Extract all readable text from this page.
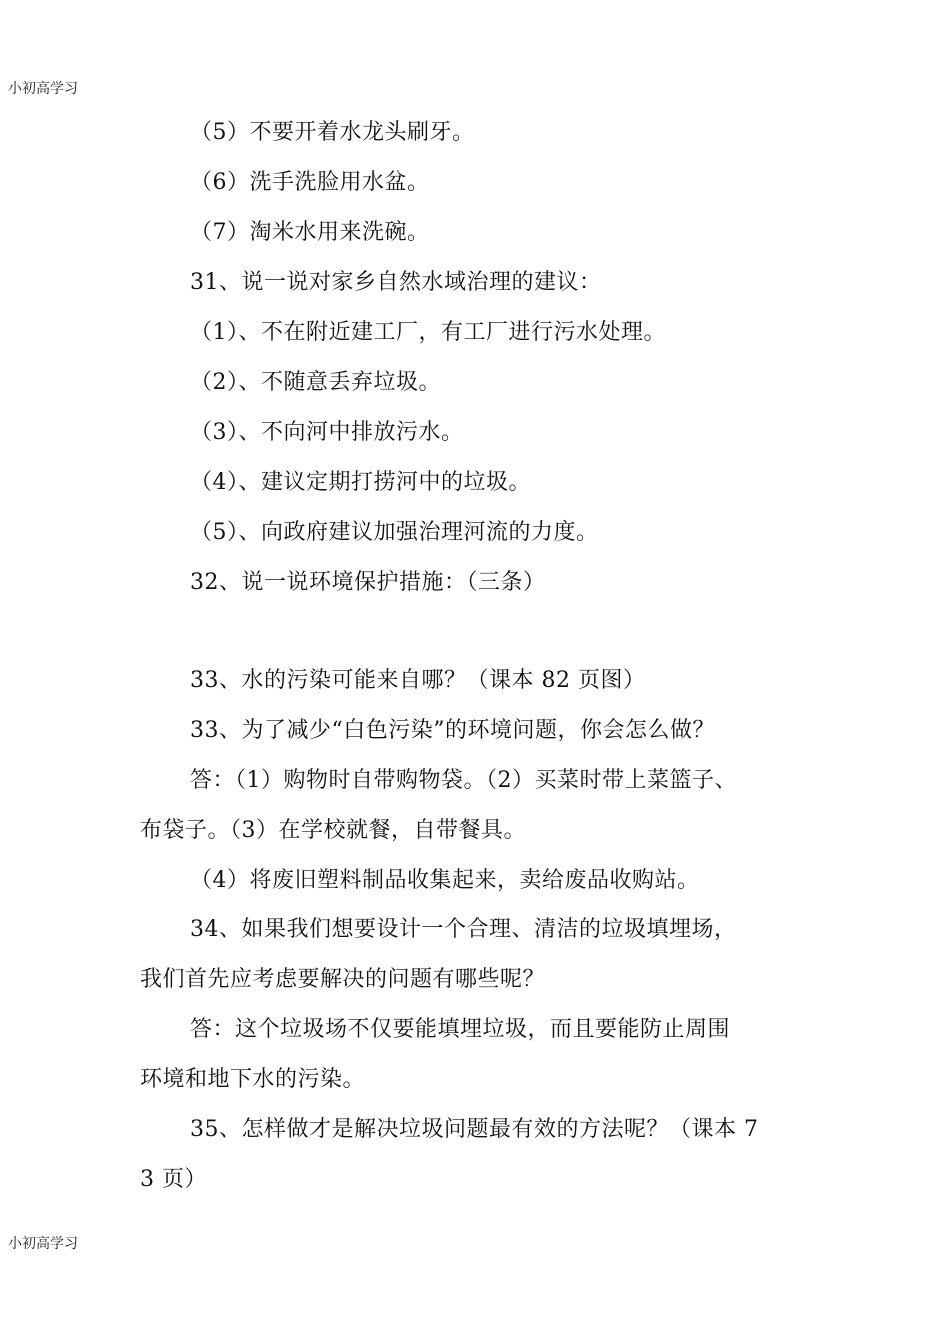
小初高学习
（5）不要开着水龙头刷牙。
（6）洗手洗脸用水盆。
（7）淘米水用来洗碗。
31、说一说对家乡自然水域治理的建议：
（1）、不在附近建工厂，有工厂进行污水处理。
（2）、不随意丢弃垃圾。
（3）、不向河中排放污水。
（4）、建议定期打捞河中的垃圾。
（5）、向政府建议加强治理河流的力度。
32、说一说环境保护措施：（三条）
33、水的污染可能来自哪？（课本 82 页图）
33、为了减少“白色污染”的环境问题，你会怎么做？
答：（1）购物时自带购物袋。（2）买菜时带上菜篮子、
布袋子。（3）在学校就餐，自带餐具。
（4）将废旧塑料制品收集起来，卖给废品收购站。
34、如果我们想要设计一个合理、清洁的垃圾填埋场，
我们首先应考虑要解决的问题有哪些呢？
答：这个垃圾场不仅要能填埋垃圾，而且要能防止周围
环境和地下水的污染。
35、怎样做才是解决垃圾问题最有效的方法呢？（课本 7
3 页）
小初高学习
